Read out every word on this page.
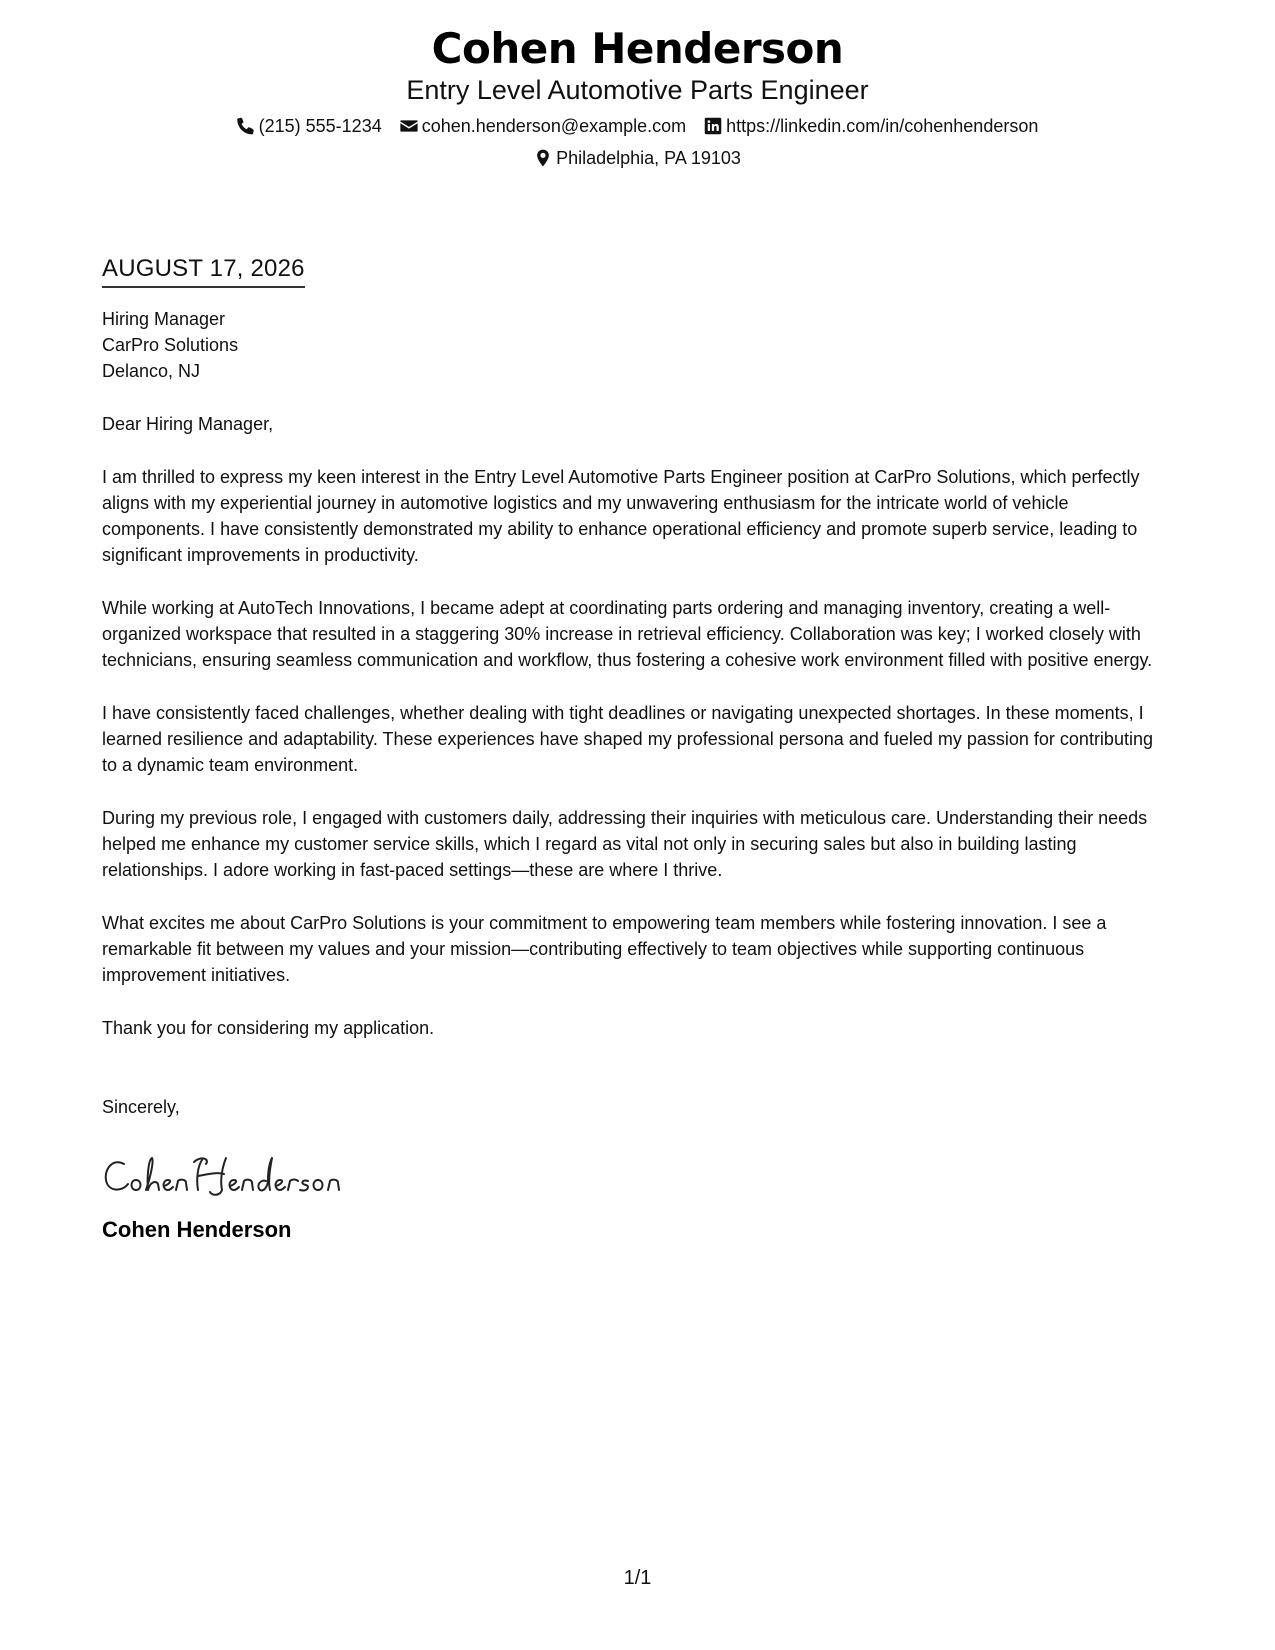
Cohen Henderson
Entry Level Automotive Parts Engineer
(215) 555-1234 cohen.henderson@example.com https://linkedin.com/in/cohenhenderson
Philadelphia, PA 19103
AUGUST 17, 2026
Hiring Manager
CarPro Solutions
Delanco, NJ
Dear Hiring Manager,

I am thrilled to express my keen interest in the Entry Level Automotive Parts Engineer position at CarPro Solutions, which perfectly aligns with my experiential journey in automotive logistics and my unwavering enthusiasm for the intricate world of vehicle components. I have consistently demonstrated my ability to enhance operational efficiency and promote superb service, leading to significant improvements in productivity.

While working at AutoTech Innovations, I became adept at coordinating parts ordering and managing inventory, creating a well-organized workspace that resulted in a staggering 30% increase in retrieval efficiency. Collaboration was key; I worked closely with technicians, ensuring seamless communication and workflow, thus fostering a cohesive work environment filled with positive energy.

I have consistently faced challenges, whether dealing with tight deadlines or navigating unexpected shortages. In these moments, I learned resilience and adaptability. These experiences have shaped my professional persona and fueled my passion for contributing to a dynamic team environment.

During my previous role, I engaged with customers daily, addressing their inquiries with meticulous care. Understanding their needs helped me enhance my customer service skills, which I regard as vital not only in securing sales but also in building lasting relationships. I adore working in fast-paced settings—these are where I thrive.

What excites me about CarPro Solutions is your commitment to empowering team members while fostering innovation. I see a remarkable fit between my values and your mission—contributing effectively to team objectives while supporting continuous improvement initiatives.

Thank you for considering my application.

Sincerely,
Cohen Henderson
1/1
